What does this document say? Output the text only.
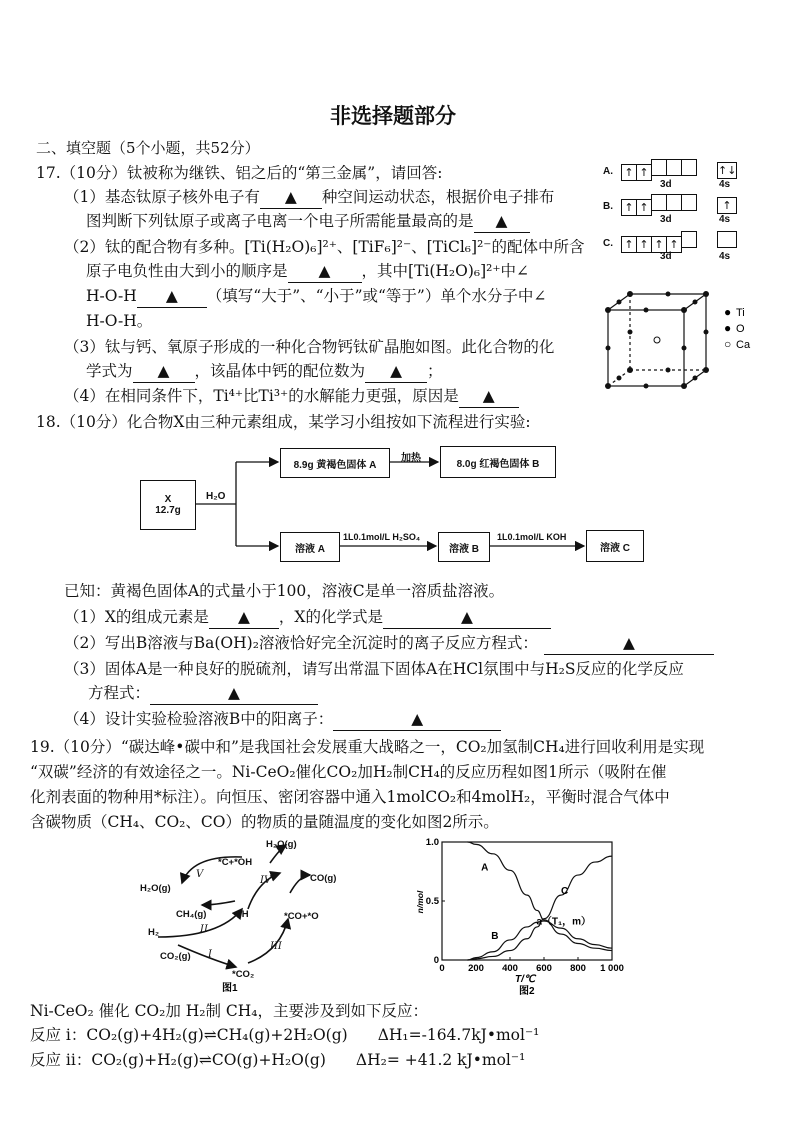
非选择题部分
二、填空题（5个小题，共52分）
17.（10分）钛被称为继铁、铝之后的“第三金属”，请回答:
（1）基态钛原子核外电子有 ▲ 种空间运动状态，根据价电子排布
图判断下列钛原子或离子电离一个电子所需能量最高的是 ▲
（2）钛的配合物有多种。[Ti(H₂O)₆]²⁺、[TiF₆]²⁻、[TiCl₆]²⁻的配体中所含
原子电负性由大到小的顺序是 ▲ ，其中[Ti(H₂O)₆]²⁺中∠
H-O-H ▲ （填写“大于”、“小于”或“等于”）单个水分子中∠
H-O-H。
（3）钛与钙、氧原子形成的一种化合物钙钛矿晶胞如图。此化合物的化
学式为 ▲ ，该晶体中钙的配位数为 ▲ ；
（4）在相同条件下，Ti⁴⁺比Ti³⁺的水解能力更强，原因是 ▲
A. ↑ ↑	↑↓
3d	4s
B. ↑ ↑	↑
3d	4s
C. ↑ ↑ ↑ ↑
3d	4s
● Ti
● O
○ Ca
18.（10分）化合物X由三种元素组成，某学习小组按如下流程进行实验:
X
12.7g
H₂O
8.9g 黄褐色固体 A
加热	8.0g 红褐色固体 B
溶液 A
1L0.1mol/L H₂SO₄
溶液 B
1L0.1mol/L KOH
溶液 C
已知：黄褐色固体A的式量小于100，溶液C是单一溶质盐溶液。
（1）X的组成元素是 ▲ ，X的化学式是	▲
（2）写出B溶液与Ba(OH)₂溶液恰好完全沉淀时的离子反应方程式：	▲
（3）固体A是一种良好的脱硫剂，请写出常温下固体A在HCl氛围中与H₂S反应的化学反应
方程式：	▲
（4）设计实验检验溶液B中的阳离子：	▲
19.（10分）“碳达峰•碳中和”是我国社会发展重大战略之一，CO₂加氢制CH₄进行回收利用是实现
“双碳”经济的有效途径之一。Ni-CeO₂催化CO₂加H₂制CH₄的反应历程如图1所示（吸附在催
化剂表面的物种用*标注）。向恒压、密闭容器中通入1molCO₂和4molH₂，平衡时混合气体中
含碳物质（CH₄、CO₂、CO）的物质的量随温度的变化如图2所示。
H₂O(g)
*C+*OH
H₂O(g)
CO(g)
CH₄(g)	*H	*CO+*O
H₂
CO₂(g)
*CO₂
V
IV
II
III
I
图1
0 200 400 600 800 1 000
0
0.5
1.0
A
B
C
a（T₁，m）
T/℃
图2
n/mol
Ni-CeO₂ 催化 CO₂加 H₂制 CH₄，主要涉及到如下反应：
反应 i：CO₂(g)+4H₂(g)⇌CH₄(g)+2H₂O(g) ΔH₁=-164.7kJ•mol⁻¹
反应 ii：CO₂(g)+H₂(g)⇌CO(g)+H₂O(g) ΔH₂= +41.2 kJ•mol⁻¹
